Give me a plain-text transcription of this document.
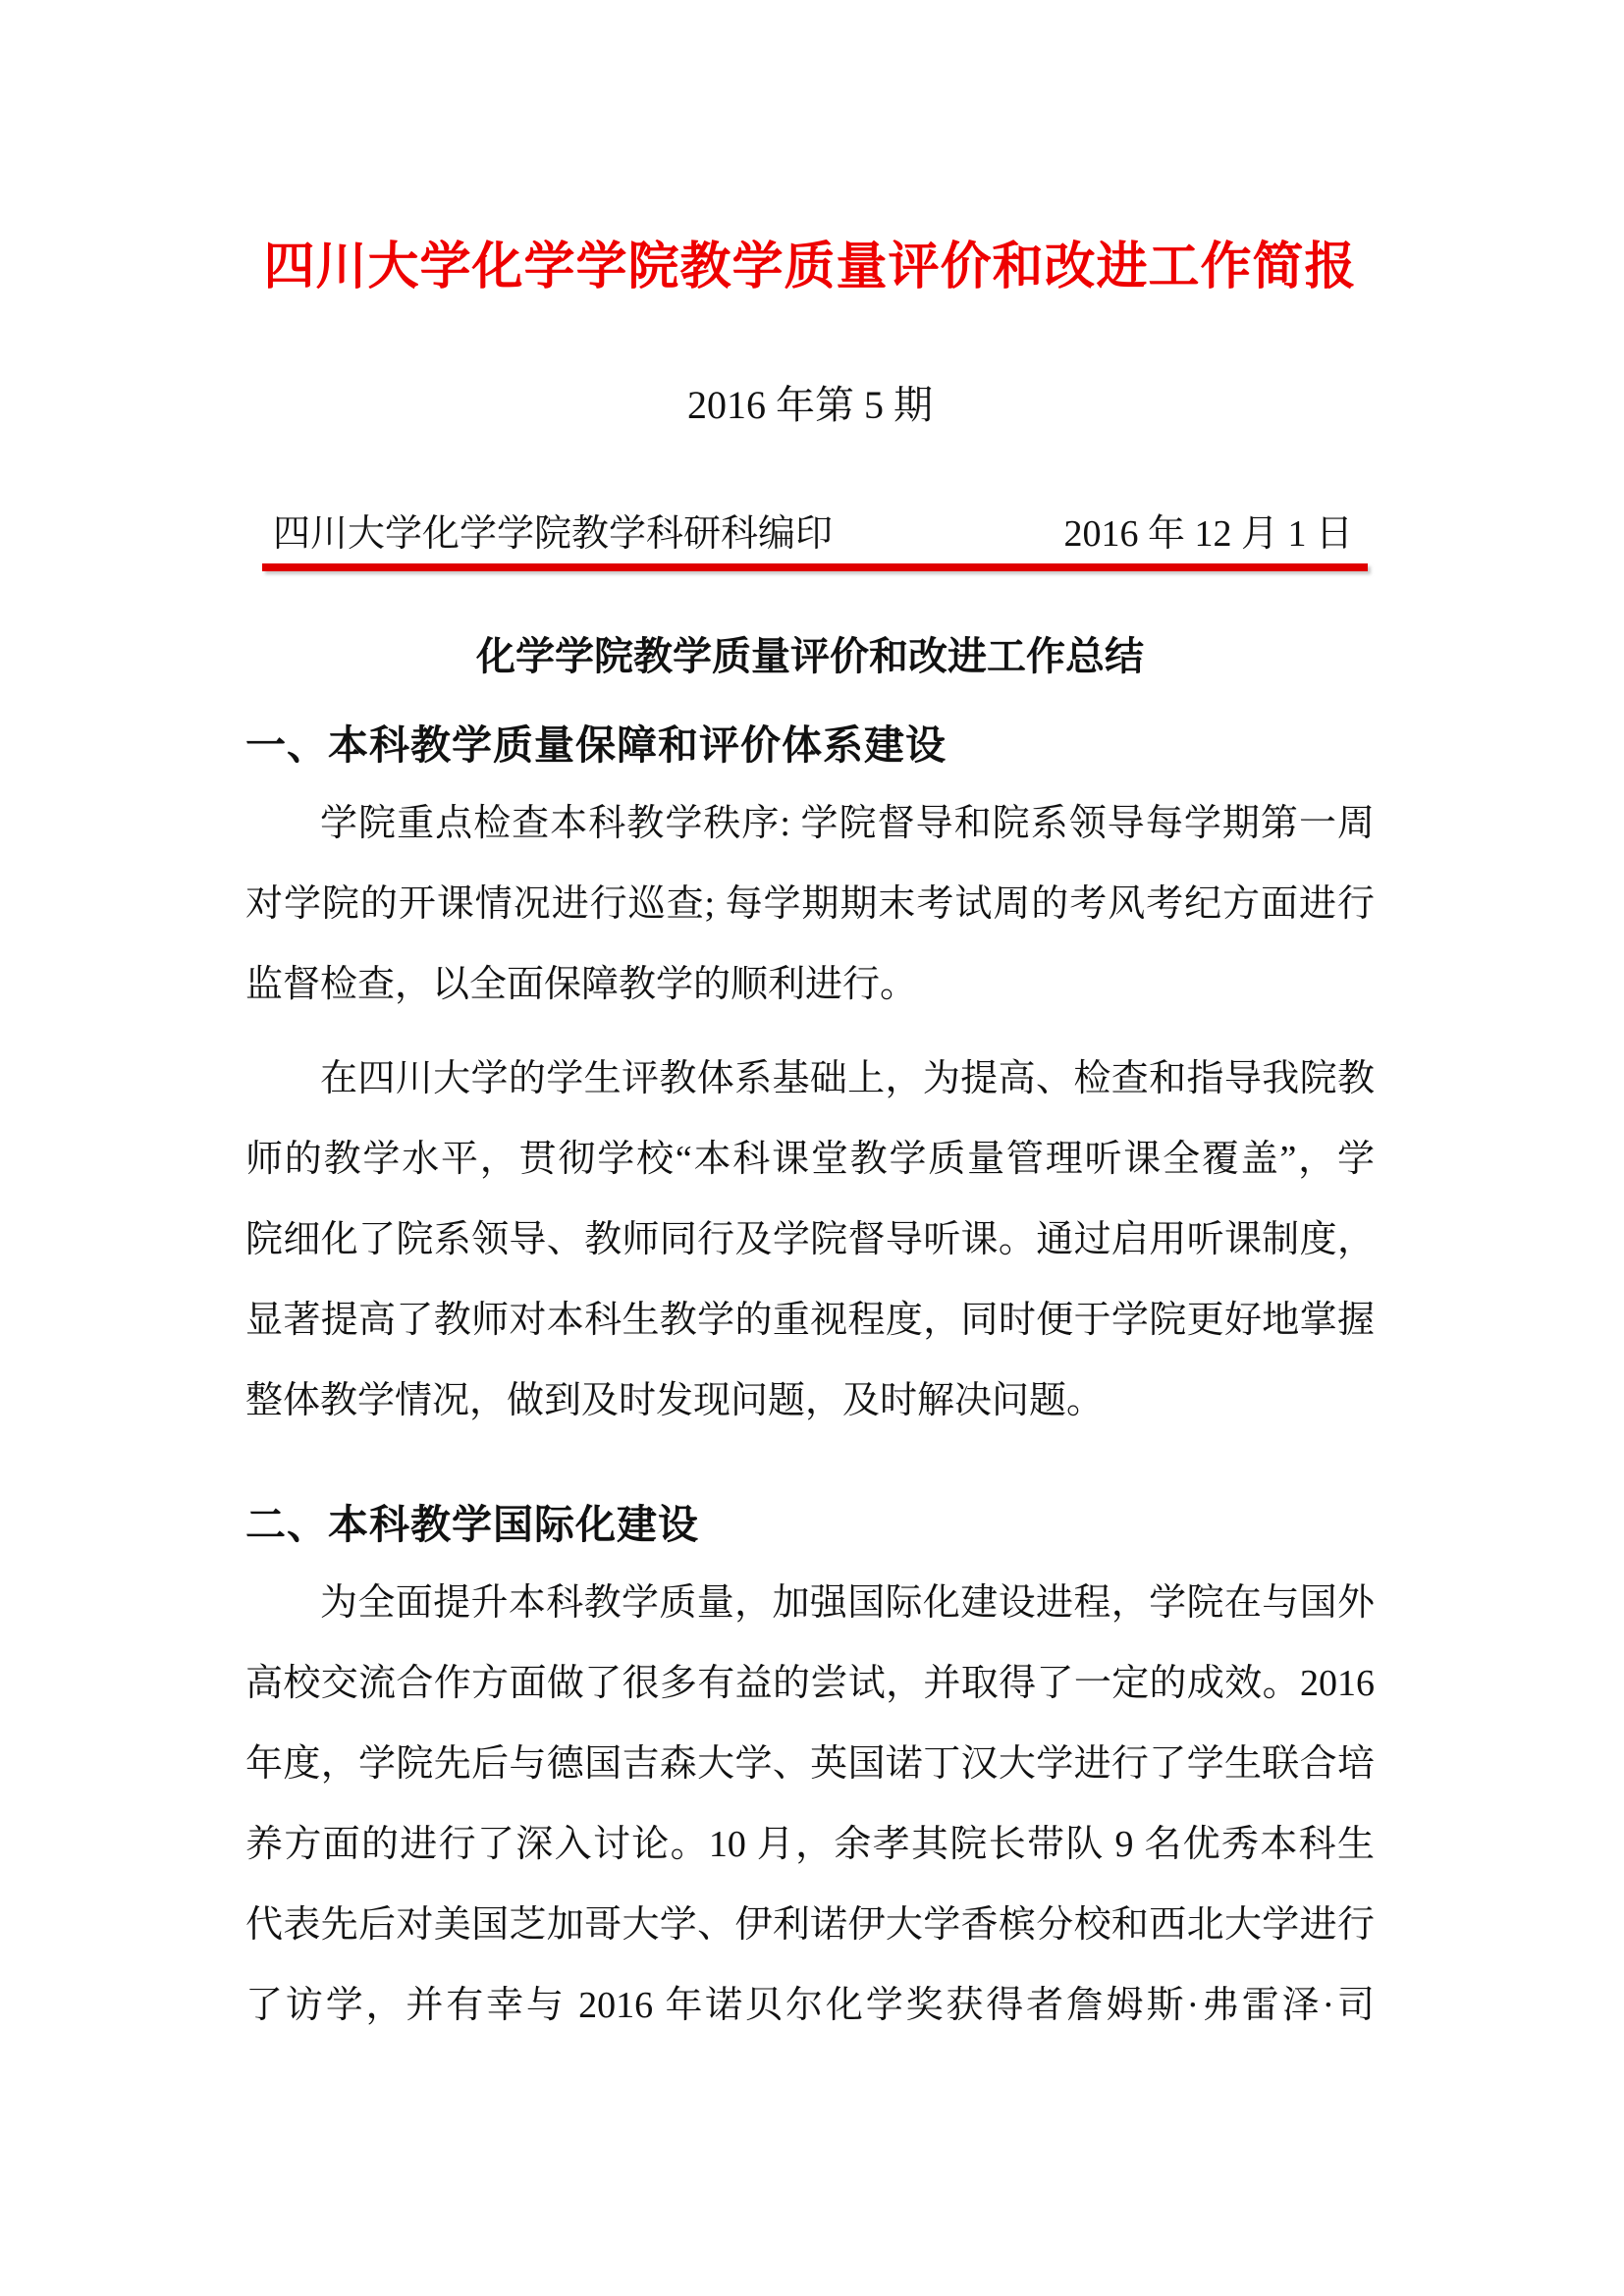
四川大学化学学院教学质量评价和改进工作简报
2016 年第 5 期
四川大学化学学院教学科研科编印	2016 年 12 月 1 日
化学学院教学质量评价和改进工作总结
一、本科教学质量保障和评价体系建设
学院重点检查本科教学秩序: 学院督导和院系领导每学期第一周
对学院的开课情况进行巡查; 每学期期末考试周的考风考纪方面进行
监督检查，以全面保障教学的顺利进行。
在四川大学的学生评教体系基础上，为提高、检查和指导我院教
师的教学水平，贯彻学校“本科课堂教学质量管理听课全覆盖”，学
院细化了院系领导、教师同行及学院督导听课。通过启用听课制度，
显著提高了教师对本科生教学的重视程度，同时便于学院更好地掌握
整体教学情况，做到及时发现问题，及时解决问题。
二、本科教学国际化建设
为全面提升本科教学质量，加强国际化建设进程，学院在与国外
高校交流合作方面做了很多有益的尝试，并取得了一定的成效。2016
年度，学院先后与德国吉森大学、英国诺丁汉大学进行了学生联合培
养方面的进行了深入讨论。10 月，余孝其院长带队 9 名优秀本科生
代表先后对美国芝加哥大学、伊利诺伊大学香槟分校和西北大学进行
了访学，并有幸与 2016 年诺贝尔化学奖获得者詹姆斯·弗雷泽·司
